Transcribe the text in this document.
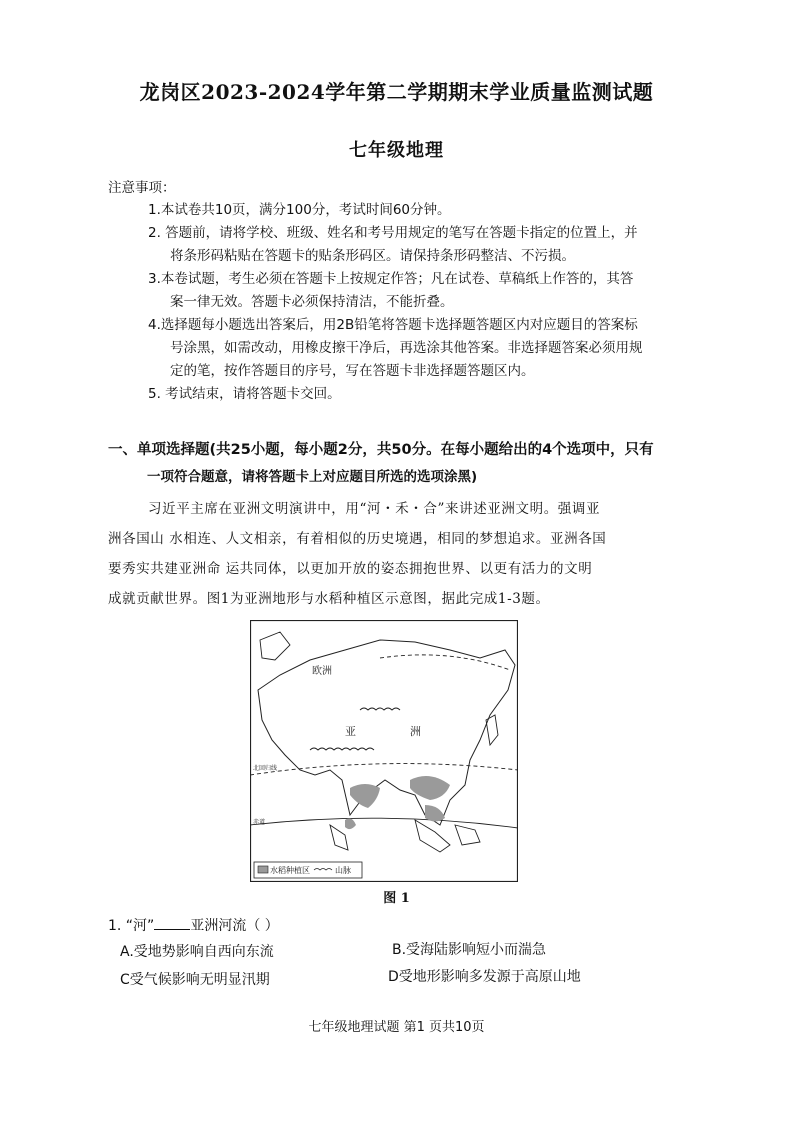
龙岗区2023-2024学年第二学期期末学业质量监测试题
七年级地理
注意事项：
1.本试卷共10页，满分100分，考试时间60分钟。
2. 答题前，请将学校、班级、姓名和考号用规定的笔写在答题卡指定的位置上，并
将条形码粘贴在答题卡的贴条形码区。请保持条形码整洁、不污损。
3.本卷试题，考生必须在答题卡上按规定作答；凡在试卷、草稿纸上作答的，其答
案一律无效。答题卡必须保持清洁，不能折叠。
4.选择题每小题选出答案后，用2B铅笔将答题卡选择题答题区内对应题目的答案标
号涂黑，如需改动，用橡皮擦干净后，再选涂其他答案。非选择题答案必须用规
定的笔，按作答题目的序号，写在答题卡非选择题答题区内。
5. 考试结束，请将答题卡交回。
一、单项选择题(共25小题，每小题2分，共50分。在每小题给出的4个选项中，只有
一项符合题意，请将答题卡上对应题目所选的选项涂黑)
习近平主席在亚洲文明演讲中，用“河・禾・合”来讲述亚洲文明。强调亚
洲各国山 水相连、人文相亲，有着相似的历史境遇，相同的梦想追求。亚洲各国
要秀实共建亚洲命 运共同体，以更加开放的姿态拥抱世界、以更有活力的文明
成就贡献世界。图1为亚洲地形与水稻种植区示意图，据此完成1-3题。
欧洲
亚	洲
北回归线
赤道
水稻种植区	山脉
图 1
1. “河”	亚洲河流（ ）
A.受地势影响自西向东流	B.受海陆影响短小而湍急
C受气候影响无明显汛期	D受地形影响多发源于高原山地
七年级地理试题 第1 页共10页
